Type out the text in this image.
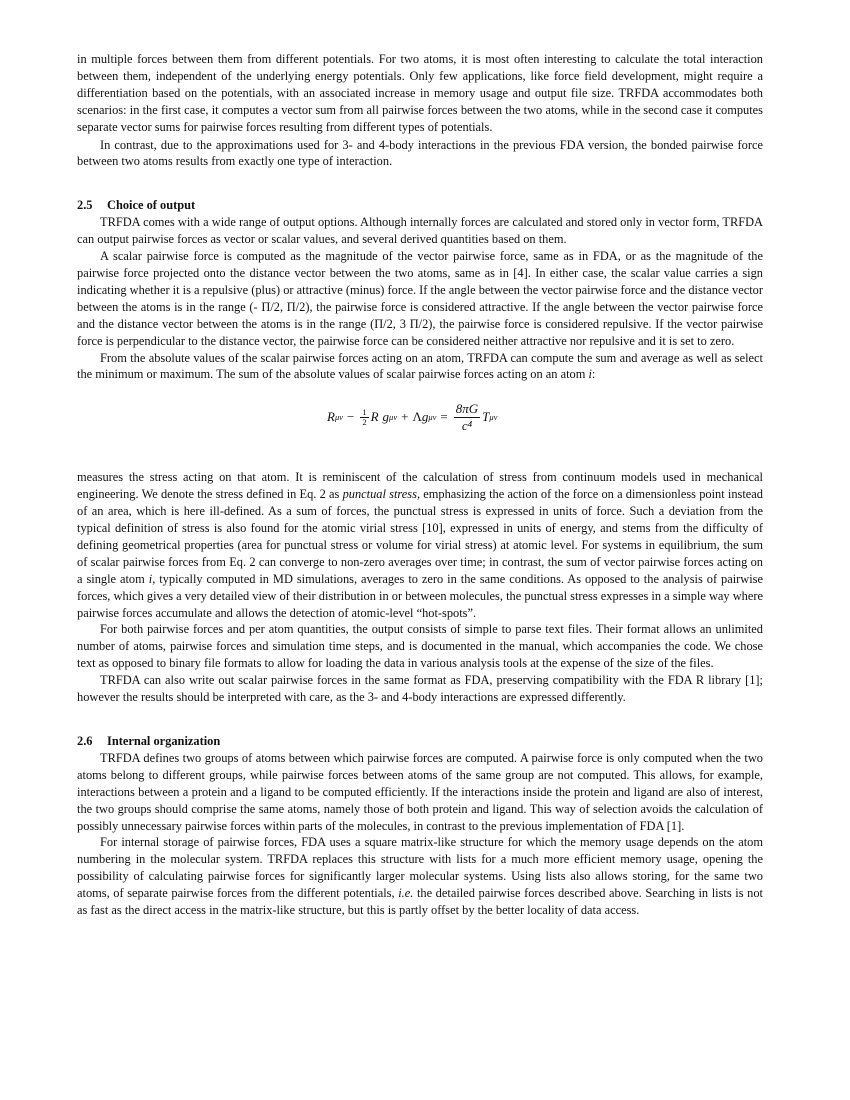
in multiple forces between them from different potentials. For two atoms, it is most often interesting to calculate the total interaction between them, independent of the underlying energy potentials. Only few applications, like force field development, might require a differentiation based on the potentials, with an associated increase in memory usage and output file size. TRFDA accommodates both scenarios: in the first case, it computes a vector sum from all pairwise forces between the two atoms, while in the second case it computes separate vector sums for pairwise forces resulting from different types of potentials.

In contrast, due to the approximations used for 3- and 4-body interactions in the previous FDA version, the bonded pairwise force between two atoms results from exactly one type of interaction.

2.5 Choice of output

TRFDA comes with a wide range of output options. Although internally forces are calculated and stored only in vector form, TRFDA can output pairwise forces as vector or scalar values, and several derived quantities based on them.

A scalar pairwise force is computed as the magnitude of the vector pairwise force, same as in FDA, or as the magnitude of the pairwise force projected onto the distance vector between the two atoms, same as in [4]. In either case, the scalar value carries a sign indicating whether it is a repulsive (plus) or attractive (minus) force. If the angle between the vector pairwise force and the distance vector between the atoms is in the range (- Π/2, Π/2), the pairwise force is considered attractive. If the angle between the vector pairwise force and the distance vector between the atoms is in the range (Π/2, 3 Π/2), the pairwise force is considered repulsive. If the vector pairwise force is perpendicular to the distance vector, the pairwise force can be considered neither attractive nor repulsive and it is set to zero.

From the absolute values of the scalar pairwise forces acting on an atom, TRFDA can compute the sum and average as well as select the minimum or maximum. The sum of the absolute values of scalar pairwise forces acting on an atom i:

R $\mu\nu - \frac{1}{2}$ R g μν + Λ g $\mu\nu = \frac{8\pi G}{\text{c⁴}}$ T μν

measures the stress acting on that atom. It is reminiscent of the calculation of stress from continuum models used in mechanical engineering. We denote the stress defined in Eq. 2 as punctual stress, emphasizing the action of the force on a dimensionless point instead of an area, which is here ill-defined. As a sum of forces, the punctual stress is expressed in units of force. Such a deviation from the typical definition of stress is also found for the atomic virial stress [10], expressed in units of energy, and stems from the difficulty of defining geometrical properties (area for punctual stress or volume for virial stress) at atomic level. For systems in equilibrium, the sum of scalar pairwise forces from Eq. 2 can converge to non-zero averages over time; in contrast, the sum of vector pairwise forces acting on a single atom i, typically computed in MD simulations, averages to zero in the same conditions. As opposed to the analysis of pairwise forces, which gives a very detailed view of their distribution in or between molecules, the punctual stress expresses in a simple way where pairwise forces accumulate and allows the detection of atomic-level “hot-spots”.

For both pairwise forces and per atom quantities, the output consists of simple to parse text files. Their format allows an unlimited number of atoms, pairwise forces and simulation time steps, and is documented in the manual, which accompanies the code. We chose text as opposed to binary file formats to allow for loading the data in various analysis tools at the expense of the size of the files.

TRFDA can also write out scalar pairwise forces in the same format as FDA, preserving compatibility with the FDA R library [1]; however the results should be interpreted with care, as the 3- and 4-body interactions are expressed differently.

2.6 Internal organization

TRFDA defines two groups of atoms between which pairwise forces are computed. A pairwise force is only computed when the two atoms belong to different groups, while pairwise forces between atoms of the same group are not computed. This allows, for example, interactions between a protein and a ligand to be computed efficiently. If the interactions inside the protein and ligand are also of interest, the two groups should comprise the same atoms, namely those of both protein and ligand. This way of selection avoids the calculation of possibly unnecessary pairwise forces within parts of the molecules, in contrast to the previous implementation of FDA [1].

For internal storage of pairwise forces, FDA uses a square matrix-like structure for which the memory usage depends on the atom numbering in the molecular system. TRFDA replaces this structure with lists for a much more efficient memory usage, opening the possibility of calculating pairwise forces for significantly larger molecular systems. Using lists also allows storing, for the same two atoms, of separate pairwise forces from the different potentials, i.e. the detailed pairwise forces described above. Searching in lists is not as fast as the direct access in the matrix-like structure, but this is partly offset by the better locality of data access.
